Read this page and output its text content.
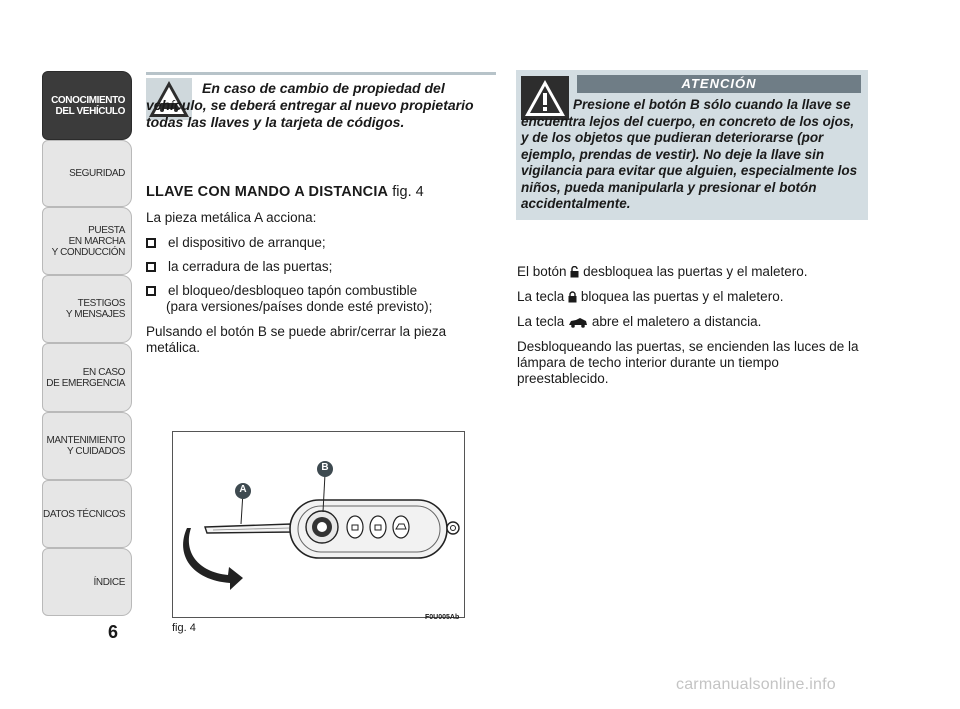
CONOCIMIENTO
DEL VEHÍCULO
SEGURIDAD
PUESTA
EN MARCHA
Y CONDUCCIÓN
TESTIGOS
Y MENSAJES
EN CASO
DE EMERGENCIA
MANTENIMIENTO
Y CUIDADOS
DATOS TÉCNICOS
ÍNDICE
6
En caso de cambio de propiedad del vehículo, se deberá entregar al nuevo propietario todas las llaves y la tarjeta de códigos.
LLAVE CON MANDO A DISTANCIA fig. 4
La pieza metálica A acciona:
el dispositivo de arranque;
la cerradura de las puertas;
el bloqueo/desbloqueo tapón combustible
(para versiones/países donde esté previsto);
Pulsando el botón B se puede abrir/cerrar la pieza
metálica.
A
B
fig. 4
F0U005Ab
ATENCIÓN
Presione el botón B sólo cuando la llave se encuentra lejos del cuerpo, en concreto de los ojos, y de los objetos que pudieran deteriorarse (por ejemplo, prendas de vestir). No deje la llave sin vigilancia para evitar que alguien, especialmente los niños, pueda manipularla y presionar el botón accidentalmente.
El botón desbloquea las puertas y el maletero.
La tecla bloquea las puertas y el maletero.
La tecla abre el maletero a distancia.
Desbloqueando las puertas, se encienden las luces de la lámpara de techo interior durante un tiempo preestablecido.
carmanualsonline.info
